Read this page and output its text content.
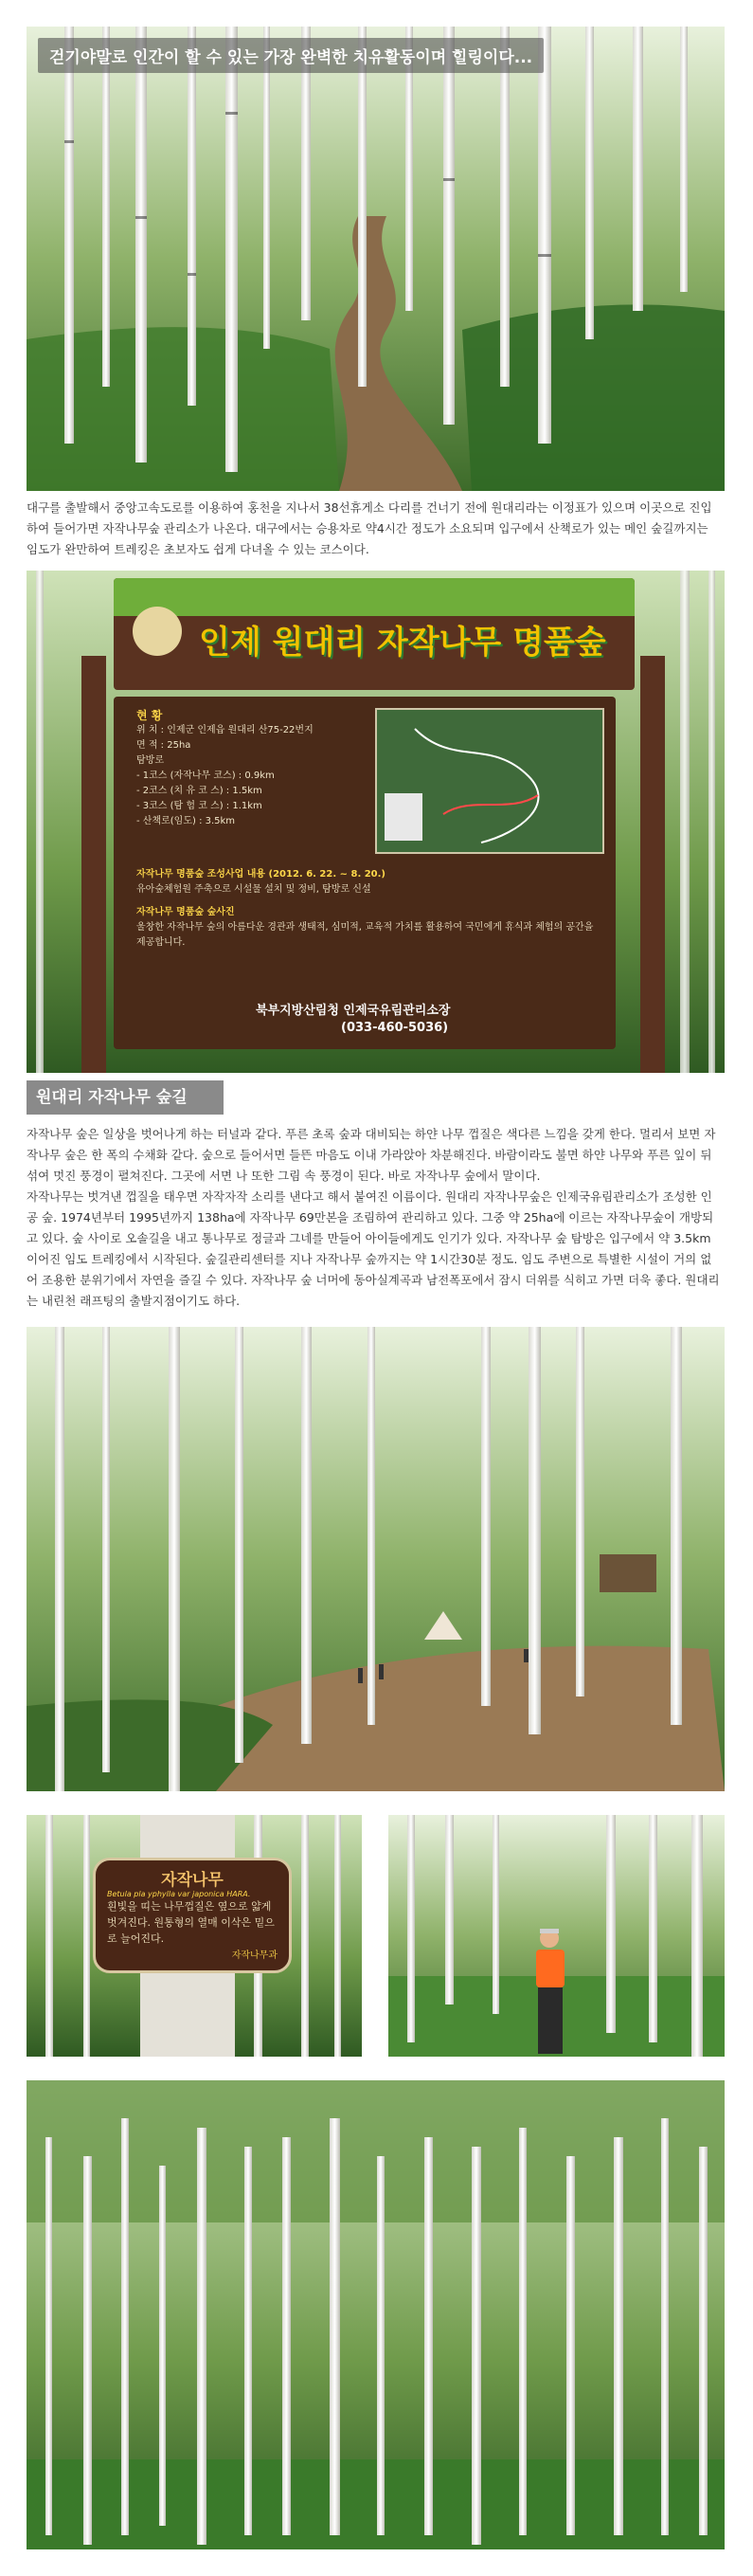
걷기야말로 인간이 할 수 있는 가장 완벽한 치유활동이며 힐링이다...
대구를 출발해서 중앙고속도로를 이용하여 홍천을 지나서 38선휴게소 다리를 건너기 전에 원대리라는 이정표가 있으며 이곳으로 진입하여 들어가면 자작나무숲 관리소가 나온다. 대구에서는 승용차로 약4시간 정도가 소요되며 입구에서 산책로가 있는 메인 숲길까지는 임도가 완만하여 트레킹은 초보자도 쉽게 다녀올 수 있는 코스이다.
인제 원대리 자작나무 명품숲
현 황
위 치 : 인제군 인제읍 원대리 산75-22번지
면 적 : 25ha
탐방로
- 1코스 (자작나무 코스) : 0.9km
- 2코스 (치 유 코 스) : 1.5km
- 3코스 (탐 험 코 스) : 1.1km
- 산책로(임도) : 3.5km
자작나무 명품숲 조성사업 내용 (2012. 6. 22. ~ 8. 20.)
유아숲체험원 주축으로 시설물 설치 및 정비, 탐방로 신설
자작나무 명품숲 숲사진
울창한 자작나무 숲의 아름다운 경관과 생태적, 심미적, 교육적 가치를 활용하여 국민에게 휴식과 체험의 공간을 제공합니다.
북부지방산림청 인제국유림관리소장
(033-460-5036)
원대리 자작나무 숲길
자작나무 숲은 일상을 벗어나게 하는 터널과 같다. 푸른 초록 숲과 대비되는 하얀 나무 껍질은 색다른 느낌을 갖게 한다. 멀리서 보면 자작나무 숲은 한 폭의 수채화 같다. 숲으로 들어서면 들뜬 마음도 이내 가라앉아 차분해진다. 바람이라도 불면 하얀 나무와 푸른 잎이 뒤섞여 멋진 풍경이 펼쳐진다. 그곳에 서면 나 또한 그림 속 풍경이 된다. 바로 자작나무 숲에서 말이다.
자작나무는 벗겨낸 껍질을 태우면 자작자작 소리를 낸다고 해서 붙여진 이름이다. 원대리 자작나무숲은 인제국유림관리소가 조성한 인공 숲. 1974년부터 1995년까지 138ha에 자작나무 69만본을 조림하여 관리하고 있다. 그중 약 25ha에 이르는 자작나무숲이 개방되고 있다. 숲 사이로 오솔길을 내고 통나무로 정글과 그네를 만들어 아이들에게도 인기가 있다. 자작나무 숲 탐방은 입구에서 약 3.5km 이어진 임도 트레킹에서 시작된다. 숲길관리센터를 지나 자작나무 숲까지는 약 1시간30분 정도. 임도 주변으로 특별한 시설이 거의 없어 조용한 분위기에서 자연을 즐길 수 있다. 자작나무 숲 너머에 동아실계곡과 남전폭포에서 잠시 더위를 식히고 가면 더욱 좋다. 원대리는 내린천 래프팅의 출발지점이기도 하다.
자작나무
Betula pla yphylla var japonica HARA.
흰빛을 띠는 나무껍질은 옆으로 얇게 벗겨진다. 원통형의 열매 이삭은 밑으로 늘어진다.
자작나무과
